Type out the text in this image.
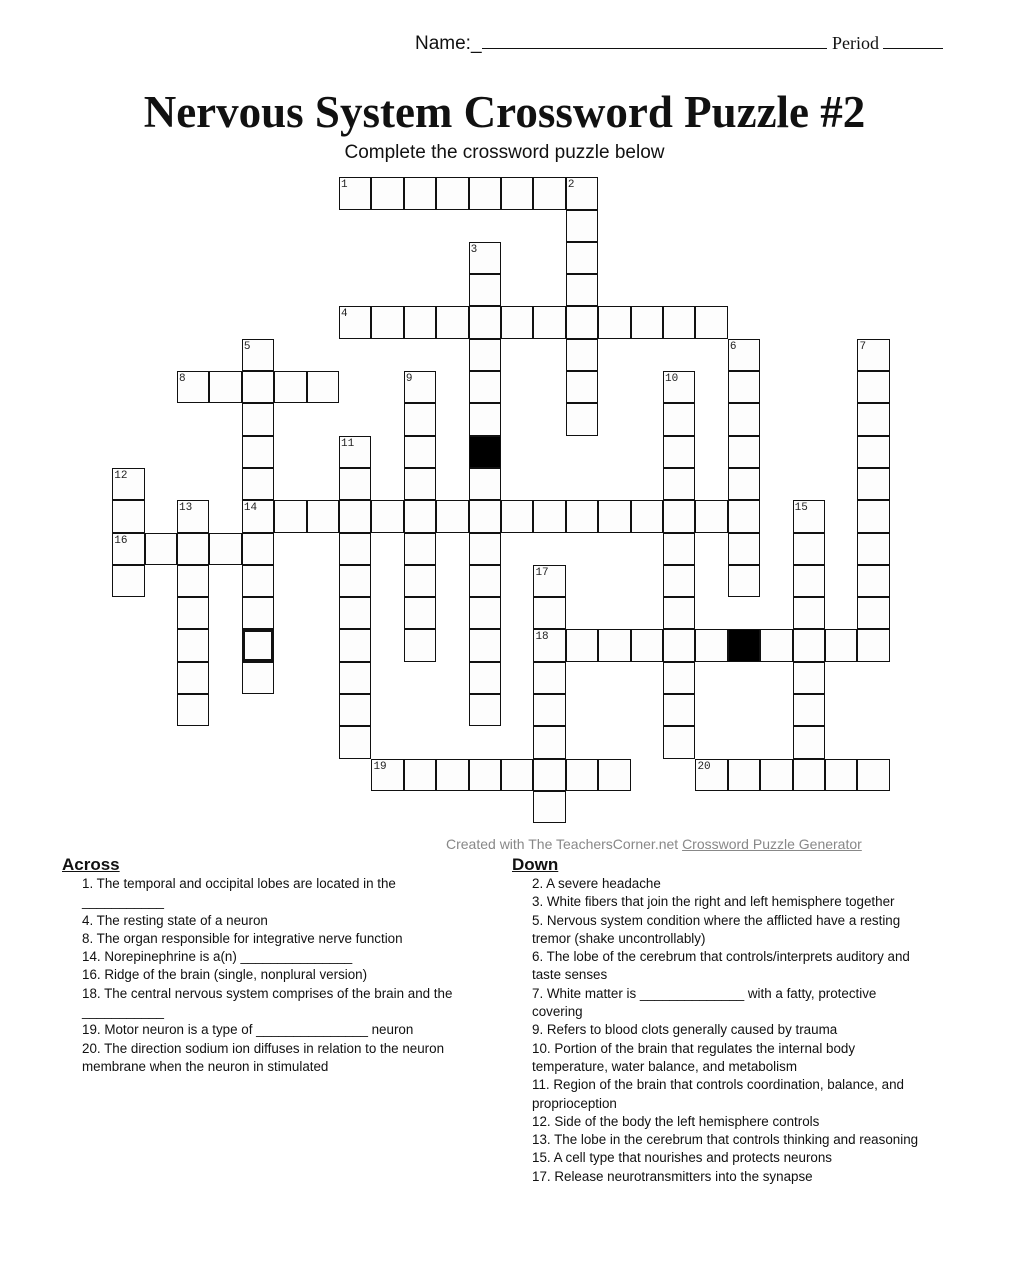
Name:_	Period
Nervous System Crossword Puzzle #2
Complete the crossword puzzle below
1	2
3
4
5
14
6	7
8	9	10
11
12
16
13	15
17
18
19	20
Created with The TeachersCorner.net Crossword Puzzle Generator
Across
1. The temporal and occipital lobes are located in the ___________
4. The resting state of a neuron
8. The organ responsible for integrative nerve function
14. Norepinephrine is a(n) _______________
16. Ridge of the brain (single, nonplural version)
18. The central nervous system comprises of the brain and the ___________
19. Motor neuron is a type of _______________ neuron
20. The direction sodium ion diffuses in relation to the neuron membrane when the neuron in stimulated
Down
2. A severe headache
3. White fibers that join the right and left hemisphere together
5. Nervous system condition where the afflicted have a resting tremor (shake uncontrollably)
6. The lobe of the cerebrum that controls/interprets auditory and taste senses
7. White matter is ______________ with a fatty, protective covering
9. Refers to blood clots generally caused by trauma
10. Portion of the brain that regulates the internal body temperature, water balance, and metabolism
11. Region of the brain that controls coordination, balance, and proprioception
12. Side of the body the left hemisphere controls
13. The lobe in the cerebrum that controls thinking and reasoning
15. A cell type that nourishes and protects neurons
17. Release neurotransmitters into the synapse
